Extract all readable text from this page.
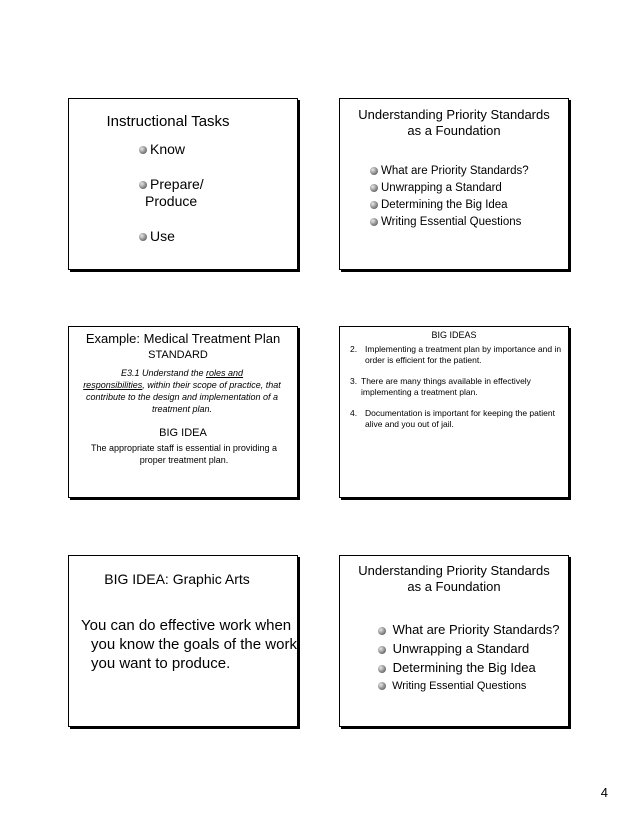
Instructional Tasks
Know
Prepare/
Produce
Use
Understanding Priority Standards
as a Foundation
What are Priority Standards?
Unwrapping a Standard
Determining the Big Idea
Writing Essential Questions
Example: Medical Treatment Plan
STANDARD
E3.1 Understand the roles and
responsibilities, within their scope of practice, that contribute to the design and implementation of a treatment plan.
BIG IDEA
The appropriate staff is essential in providing a proper treatment plan.
BIG IDEAS
2. Implementing a treatment plan by importance and in order is efficient for the patient.
3. There are many things available in effectively implementing a treatment plan.
4. Documentation is important for keeping the patient alive and you out of jail.
BIG IDEA: Graphic Arts
You can do effective work when you know the goals of the work you want to produce.
Understanding Priority Standards
as a Foundation
What are Priority Standards?
Unwrapping a Standard
Determining the Big Idea
Writing Essential Questions
4
